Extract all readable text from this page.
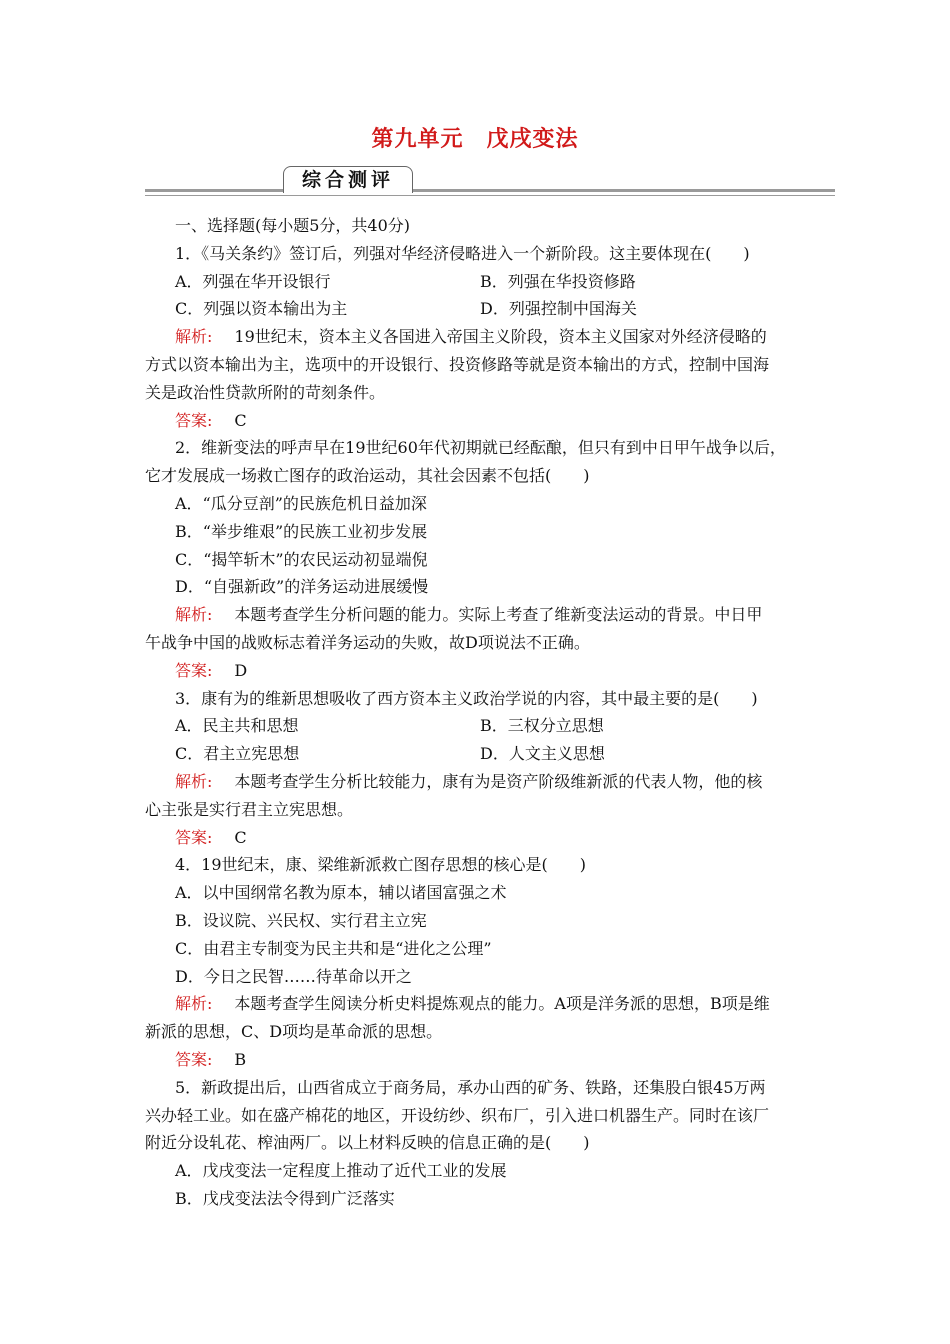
第九单元　戊戌变法
综合测评
一、选择题(每小题5分，共40分)
1．《马关条约》签订后，列强对华经济侵略进入一个新阶段。这主要体现在(　　)
A．列强在华开设银行	B．列强在华投资修路
C．列强以资本输出为主	D．列强控制中国海关
解析: 19世纪末，资本主义各国进入帝国主义阶段，资本主义国家对外经济侵略的
方式以资本输出为主，选项中的开设银行、投资修路等就是资本输出的方式，控制中国海
关是政治性贷款所附的苛刻条件。
答案: C
2．维新变法的呼声早在19世纪60年代初期就已经酝酿，但只有到中日甲午战争以后，
它才发展成一场救亡图存的政治运动，其社会因素不包括(　　)
A．“瓜分豆剖”的民族危机日益加深
B．“举步维艰”的民族工业初步发展
C．“揭竿斩木”的农民运动初显端倪
D．“自强新政”的洋务运动进展缓慢
解析: 本题考查学生分析问题的能力。实际上考查了维新变法运动的背景。中日甲
午战争中国的战败标志着洋务运动的失败，故D项说法不正确。
答案: D
3．康有为的维新思想吸收了西方资本主义政治学说的内容，其中最主要的是(　　)
A．民主共和思想	B．三权分立思想
C．君主立宪思想	D．人文主义思想
解析: 本题考查学生分析比较能力，康有为是资产阶级维新派的代表人物，他的核
心主张是实行君主立宪思想。
答案: C
4．19世纪末，康、梁维新派救亡图存思想的核心是(　　)
A．以中国纲常名教为原本，辅以诸国富强之术
B．设议院、兴民权、实行君主立宪
C．由君主专制变为民主共和是“进化之公理”
D．今日之民智……待革命以开之
解析: 本题考查学生阅读分析史料提炼观点的能力。A项是洋务派的思想，B项是维
新派的思想，C、D项均是革命派的思想。
答案: B
5．新政提出后，山西省成立于商务局，承办山西的矿务、铁路，还集股白银45万两
兴办轻工业。如在盛产棉花的地区，开设纺纱、织布厂，引入进口机器生产。同时在该厂
附近分设轧花、榨油两厂。以上材料反映的信息正确的是(　　)
A．戊戌变法一定程度上推动了近代工业的发展
B．戊戌变法法令得到广泛落实
